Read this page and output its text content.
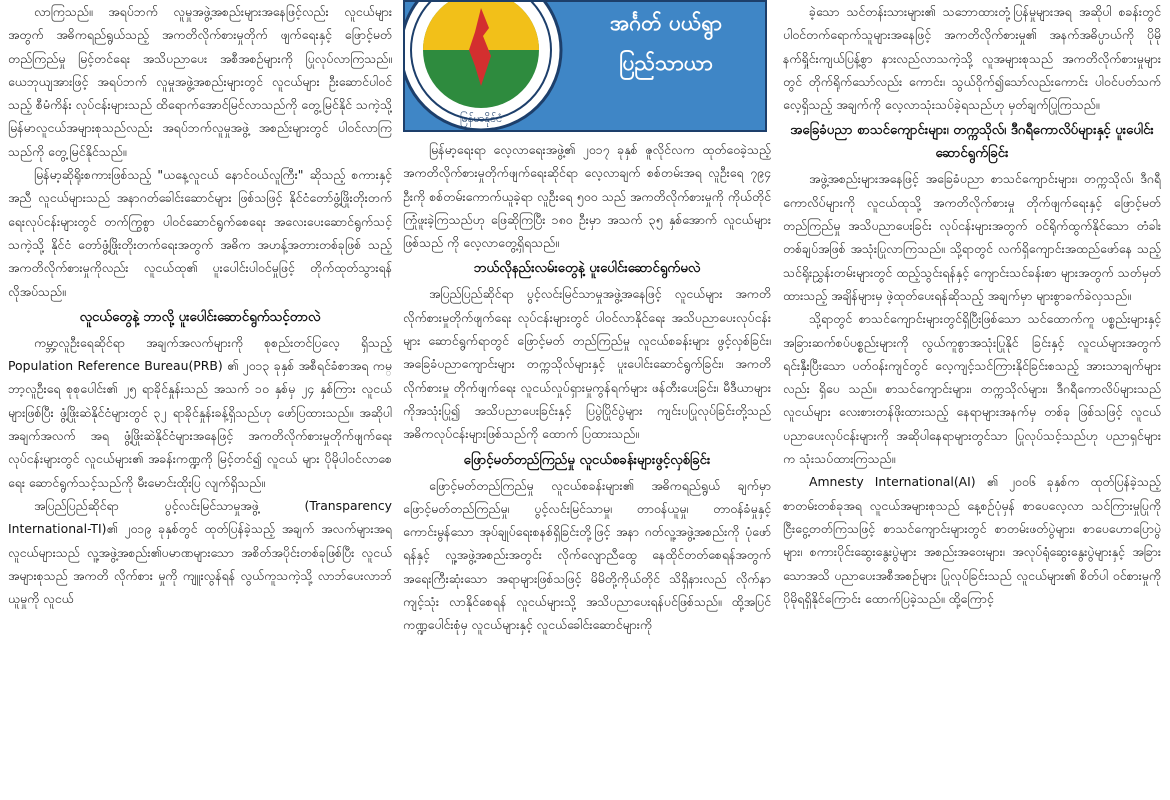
လာကြသည်။ အရပ်ဘက် လူမှုအဖွဲ့အစည်းများအနေဖြင့်လည်း လူငယ်များအတွက် အဓိကရည်ရွယ်သည့် အကတိလိုက်စားမှုတိုက် ဖျက်ရေးနှင့် ဖြောင့်မတ်တည်ကြည်မှု မြင့်တင်ရေး အသိပညာပေး အစီအစဉ်များကို ပြုလုပ်လာကြသည်။ ယေဘုယျအားဖြင့် အရပ်ဘက် လူမှုအဖွဲ့အစည်းများတွင် လူငယ်များ ဦးဆောင်ပါဝင်သည့် စီမံကိန်း လုပ်ငန်းများသည် ထိရောက်အောင်မြင်လာသည်ကို တွေ့မြင်နိုင် သကဲ့သို့ မြန်မာလူငယ်အများစုသည်လည်း အရပ်ဘက်လူမှုအဖွဲ့ အစည်းများတွင် ပါဝင်လာကြသည်ကို တွေ့မြင်နိုင်သည်။

မြန်မာ့ဆိုရိုးစကားဖြစ်သည့် "ယနေ့လူငယ် နောင်ဝယ်လူကြီး" ဆိုသည့် စကားနှင့်အညီ လူငယ်များသည် အနာဂတ်ခေါင်းဆောင်များ ဖြစ်သဖြင့် နိုင်ငံတော်ဖွံ့ဖြိုးတိုးတက်ရေးလုပ်ငန်းများတွင် တက်ကြွစွာ ပါဝင်ဆောင်ရွက်စေရေး အလေးပေးဆောင်ရွက်သင့်သကဲ့သို့ နိုင်ငံ တော်ဖွံ့ဖြိုးတိုးတက်ရေးအတွက် အဓိက အဟန့်အတားတစ်ခုဖြစ် သည့် အကတိလိုက်စားမှုကိုလည်း လူငယ်ထု၏ ပူးပေါင်းပါဝင်မှုဖြင့် တိုက်ထုတ်သွားရန် လိုအပ်သည်။

လူငယ်တွေနဲ့ ဘာလို့ ပူးပေါင်းဆောင်ရွက်သင့်တာလဲ

ကမ္ဘာ့လူဦးရေဆိုင်ရာ အချက်အလက်များကို စုစည်းတင်ပြလေ့ ရှိသည့် Population Reference Bureau(PRB) ၏ ၂၀၁၃ ခုနှစ် အစီရင်ခံစာအရ ကမ္ဘာ့လူဦးရေ စုစုပေါင်း၏ ၂၅ ရာခိုင်နှုန်းသည် အသက် ၁၀ နှစ်မှ ၂၄ နှစ်ကြား လူငယ်များဖြစ်ပြီး ဖွံ့ဖြိုးဆဲနိုင်ငံများတွင် ၃၂ ရာခိုင်နှုန်းခန့်ရှိသည်ဟု ဖော်ပြထားသည်။ အဆိုပါအချက်အလက် အရ ဖွံ့ဖြိုးဆဲနိုင်ငံများအနေဖြင့် အကတိလိုက်စားမှုတိုက်ဖျက်ရေး လုပ်ငန်းများတွင် လူငယ်များ၏ အခန်းကဏ္ဍကို မြင့်တင်၍ လူငယ် များ ပိုမိုပါဝင်လာစေရေး ဆောင်ရွက်သင့်သည်ကို မီးမောင်းထိုးပြ လျက်ရှိသည်။

အပြည်ပြည်ဆိုင်ရာ ပွင့်လင်းမြင်သာမှုအဖွဲ့ (Transparency International-TI)၏ ၂၀၁၉ ခုနှစ်တွင် ထုတ်ပြန်ခဲ့သည့် အချက် အလက်များအရ လူငယ်များသည် လူ့အဖွဲ့အစည်း၏ပမာဏများသော အစိတ်အပိုင်းတစ်ခုဖြစ်ပြီး လူငယ်အများစုသည် အကတိ လိုက်စား မှုကို ကျူးလွန်ရန် လွယ်ကူသကဲ့သို့ လာဘ်ပေးလာဘ်ယူမှုကို လူငယ်

မြန်မာနိုင်ငံ
အင်္ဂတ် ပယ်ရွာ
ပြည်သာယာ

မြန်မာ့ရေးရာ လေ့လာရေးအဖွဲ့၏ ၂၀၁၇ ခုနှစ် ဇူလိုင်လက ထုတ်ဝေခဲ့သည့် အကတိလိုက်စားမှုတိုက်ဖျက်ရေးဆိုင်ရာ လေ့လာချက် စစ်တမ်းအရ လူဦးရေ ၇၉၄ ဦးကို စစ်တမ်းကောက်ယူခဲ့ရာ လူဦးရေ ၅၀၀ သည် အကတိလိုက်စားမှုကို ကိုယ်တိုင်ကြုံဖူးခဲ့ကြသည်ဟု ဖြေဆိုကြပြီး ၁၈၀ ဦးမှာ အသက် ၃၅ နှစ်အောက် လူငယ်များဖြစ်သည် ကို လေ့လာတွေ့ရှိရသည်။

ဘယ်လိုနည်းလမ်းတွေနဲ့ ပူးပေါင်းဆောင်ရွက်မလဲ

အပြည်ပြည်ဆိုင်ရာ ပွင့်လင်းမြင်သာမှုအဖွဲ့အနေဖြင့် လူငယ်များ အကတိလိုက်စားမှုတိုက်ဖျက်ရေး လုပ်ငန်းများတွင် ပါဝင်လာနိုင်ရေး အသိပညာပေးလုပ်ငန်းများ ဆောင်ရွက်ရာတွင် ဖြောင့်မတ် တည်ကြည်မှု လူငယ်စခန်းများ ဖွင့်လှစ်ခြင်း၊ အခြေခံပညာကျောင်းများ တက္ကသိုလ်များနှင့် ပူးပေါင်းဆောင်ရွက်ခြင်း၊ အကတိလိုက်စားမှု တိုက်ဖျက်ရေး လူငယ်လှုပ်ရှားမှုကွန်ရက်များ ဖန်တီးပေးခြင်း၊ မီဒီယာများကိုအသုံးပြု၍ အသိပညာပေးခြင်းနှင့် ပြပွဲပြိုင်ပွဲများ ကျင်းပပြုလုပ်ခြင်းတို့သည် အဓိကလုပ်ငန်းများဖြစ်သည်ကို ထောက် ပြထားသည်။

ဖြောင့်မတ်တည်ကြည်မှု လူငယ်စခန်းများဖွင့်လှစ်ခြင်း

ဖြောင့်မတ်တည်ကြည်မှု လူငယ်စခန်းများ၏ အဓိကရည်ရွယ် ချက်မှာ ဖြောင့်မတ်တည်ကြည်မှု၊ ပွင့်လင်းမြင်သာမှု၊ တာဝန်ယူမှု၊ တာဝန်ခံမှုနှင့် ကောင်းမွန်သော အုပ်ချုပ်ရေးစနစ်ရှိခြင်းတို့ဖြင့် အနာ ဂတ်လူ့အဖွဲ့အစည်းကို ပုံဖော်ရန်နှင့် လူ့အဖွဲ့အစည်းအတွင်း လိုက်လျောညီထွေ နေထိုင်တတ်စေရန်အတွက် အရေးကြီးဆုံးသော အရာများဖြစ်သဖြင့် မိမိတို့ကိုယ်တိုင် သိရှိနားလည် လိုက်နာကျင့်သုံး လာနိုင်စေရန် လူငယ်များသို့ အသိပညာပေးရန်ပင်ဖြစ်သည်။ ထို့အပြင် ကဏ္ဍပေါင်းစုံမှ လူငယ်များနှင့် လူငယ်ခေါင်းဆောင်များကို

ခဲ့သော သင်တန်းသားများ၏ သဘောထားတုံ့ပြန်မှုများအရ အဆိုပါ စခန်းတွင် ပါဝင်တက်ရောက်သူများအနေဖြင့် အကတိလိုက်စားမှု၏ အနက်အဓိပ္ပာယ်ကို ပိုမိုနက်ရှိုင်းကျယ်ပြန့်စွာ နားလည်လာသကဲ့သို့ လူအများစုသည် အကတိလိုက်စားမှုများတွင် တိုက်ရိုက်သော်လည်း ကောင်း၊ သွယ်ဝိုက်၍သော်လည်းကောင်း ပါဝင်ပတ်သက်လေ့ရှိသည့် အချက်ကို လေ့လာသုံးသပ်ခဲ့ရသည်ဟု မှတ်ချက်ပြုကြသည်။

အခြေခံပညာ စာသင်ကျောင်းများ၊ တက္ကသိုလ်၊ ဒီဂရီကောလိပ်များနှင့် ပူးပေါင်းဆောင်ရွက်ခြင်း

အဖွဲ့အစည်းများအနေဖြင့် အခြေခံပညာ စာသင်ကျောင်းများ၊ တက္ကသိုလ်၊ ဒီဂရီကောလိပ်များကို လူငယ်ထုသို့ အကတိလိုက်စားမှု တိုက်ဖျက်ရေးနှင့် ဖြောင့်မတ်တည်ကြည်မှု အသိပညာပေးခြင်း လုပ်ငန်းများအတွက် ဝင်ရိုက်ထွက်နိုင်သော တံခါးတစ်ချပ်အဖြစ် အသုံးပြုလာကြသည်။ သို့ရာတွင် လက်ရှိကျောင်းအထည်ဖော်နေ သည့် သင်ရိုးညွှန်းတမ်းများတွင် ထည့်သွင်းရန်နှင့် ကျောင်းသင်ခန်းစာ များအတွက် သတ်မှတ်ထားသည့် အချိန်များမှ ဖဲ့ထုတ်ပေးရန်ဆိုသည့် အချက်မှာ များစွာခက်ခဲလှသည်။

သို့ရာတွင် စာသင်ကျောင်းများတွင်ရှိပြီးဖြစ်သော သင်ထောက်ကူ ပစ္စည်းများနှင့် အခြားဆက်စပ်ပစ္စည်းများကို လွယ်ကူစွာအသုံးပြုနိုင် ခြင်းနှင့် လူငယ်များအတွက် ရင်းနှီးပြီးသော ပတ်ဝန်းကျင်တွင် လေ့ကျင့်သင်ကြားနိုင်ခြင်းစသည့် အားသာချက်များလည်း ရှိပေ သည်။ စာသင်ကျောင်းများ၊ တက္ကသိုလ်များ၊ ဒီဂရီကောလိပ်များသည် လူငယ်များ လေးစားတန်ဖိုးထားသည့် နေရာများအနက်မှ တစ်ခု ဖြစ်သဖြင့် လူငယ်ပညာပေးလုပ်ငန်းများကို အဆိုပါနေရာများတွင်သာ ပြုလုပ်သင့်သည်ဟု ပညာရှင်များက သုံးသပ်ထားကြသည်။

Amnesty International(AI) ၏ ၂၀၀၆ ခုနှစ်က ထုတ်ပြန်ခဲ့သည့် စာတမ်းတစ်ခုအရ လူငယ်အများစုသည် နေ့စဉ်ပုံမှန် စာပေလေ့လာ သင်ကြားမှုပြုကို ငြီးငွေ့တတ်ကြသဖြင့် စာသင်ကျောင်းများတွင် စာတမ်းဖတ်ပွဲများ၊ စာပေဟောပြောပွဲများ၊ စကားပိုင်းဆွေးနွေးပွဲများ အစည်းအဝေးများ၊ အလုပ်ရုံဆွေးနွေးပွဲများနှင့် အခြားသောအသိ ပညာပေးအစီအစဉ်များ ပြုလုပ်ခြင်းသည် လူငယ်များ၏ စိတ်ပါ ဝင်စားမှုကို ပိုမိုရရှိနိုင်ကြောင်း ထောက်ပြခဲ့သည်။ ထို့ကြောင့်
